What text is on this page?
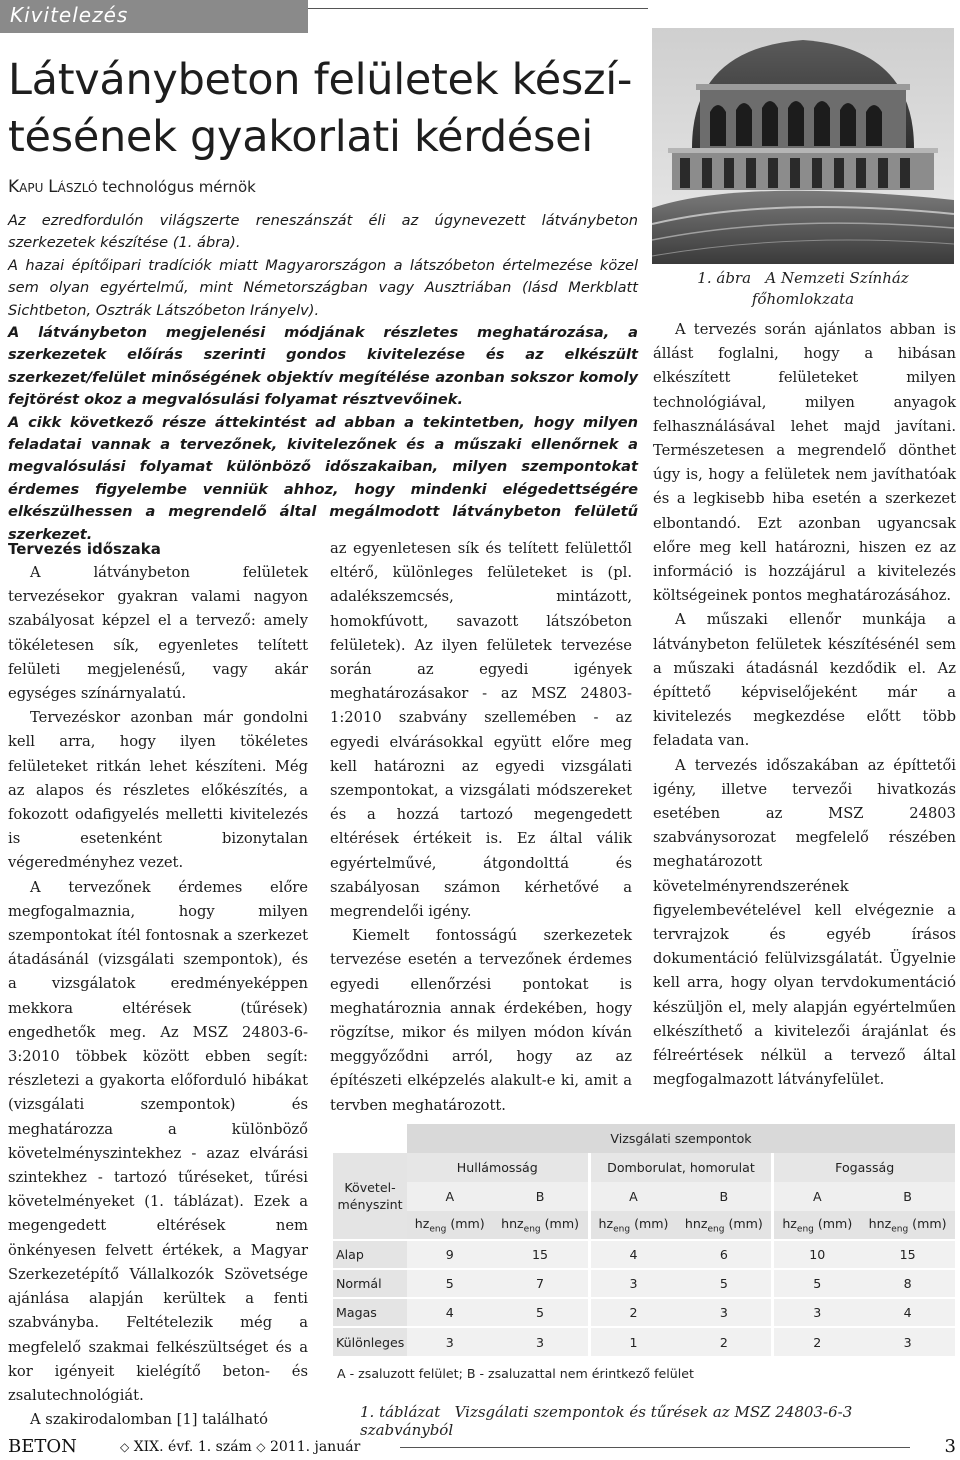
Kivitelezés
Látványbeton felületek készí-tésének gyakorlati kérdései
Kapu László technológus mérnök

Az ezredfordulón világszerte reneszánszát éli az úgynevezett látványbeton szerkezetek készítése (1. ábra).

A hazai építőipari tradíciók miatt Magyarországon a látszóbeton értelmezése közel sem olyan egyértelmű, mint Németországban vagy Ausztriában (lásd Merkblatt Sichtbeton, Osztrák Látszóbeton Irányelv).

A látványbeton megjelenési módjának részletes meghatározása, a szerkezetek előírás szerinti gondos kivitelezése és az elkészült szerkezet/felület minőségének objektív megítélése azonban sokszor komoly fejtörést okoz a megvalósulási folyamat résztvevőinek.

A cikk következő része áttekintést ad abban a tekintetben, hogy milyen feladatai vannak a tervezőnek, kivitelezőnek és a műszaki ellenőrnek a megvalósulási folyamat különböző időszakaiban, milyen szempontokat érdemes figyelembe venniük ahhoz, hogy mindenki elégedettségére elkészülhessen a megrendelő által megálmodott látványbeton felületű szerkezet.

1. ábra A Nemzeti Színház főhomlokzata
Tervezés időszaka

A látványbeton felületek tervezésekor gyakran valami nagyon szabályosat képzel el a tervező: amely tökéletesen sík, egyenletes telített felületi megjelenésű, vagy akár egységes színárnyalatú.

Tervezéskor azonban már gondolni kell arra, hogy ilyen tökéletes felületeket ritkán lehet készíteni. Még az alapos és részletes előkészítés, a fokozott odafigyelés melletti kivitelezés is esetenként bizonytalan végeredményhez vezet.

A tervezőnek érdemes előre megfogalmaznia, hogy milyen szempontokat ítél fontosnak a szerkezet átadásánál (vizsgálati szempontok), és a vizsgálatok eredményeképpen mekkora eltérések (tűrések) engedhetők meg. Az MSZ 24803-6-3:2010 többek között ebben segít: részletezi a gyakorta előforduló hibákat (vizsgálati szempontok) és meghatározza a különböző követelményszintekhez - azaz elvárási szintekhez - tartozó tűréseket, tűrési követelményeket (1. táblázat). Ezek a megengedett eltérések nem önkényesen felvett értékek, a Magyar Szerkezetépítő Vállalkozók Szövetsége ajánlása alapján kerültek a fenti szabványba. Feltételezik még a megfelelő szakmai felkészültséget és a kor igényeit kielégítő beton- és zsalutechnológiát.

A szakirodalomban [1] található

az egyenletesen sík és telített felülettől eltérő, különleges felületeket is (pl. adalékszemcsés, mintázott, homokfúvott, savazott látszóbeton felületek). Az ilyen felületek tervezése során az egyedi igények meghatározásakor - az MSZ 24803-1:2010 szabvány szellemében - az egyedi elvárásokkal együtt előre meg kell határozni az egyedi vizsgálati szempontokat, a vizsgálati módszereket és a hozzá tartozó megengedett eltérések értékeit is. Ez által válik egyértelművé, átgondolttá és szabályosan számon kérhetővé a megrendelői igény.

Kiemelt fontosságú szerkezetek tervezése esetén a tervezőnek érdemes egyedi ellenőrzési pontokat is meghatároznia annak érdekében, hogy rögzítse, mikor és milyen módon kíván meggyőződni arról, hogy az az építészeti elképzelés alakult-e ki, amit a tervben meghatározott.

A tervezés során ajánlatos abban is állást foglalni, hogy a hibásan elkészített felületeket milyen technológiával, milyen anyagok felhasználásával lehet majd javítani. Természetesen a megrendelő dönthet úgy is, hogy a felületek nem javíthatóak és a legkisebb hiba esetén a szerkezet elbontandó. Ezt azonban ugyancsak előre meg kell határozni, hiszen ez az információ is hozzájárul a kivitelezés költségeinek pontos meghatározásához.

A műszaki ellenőr munkája a látványbeton felületek készítésénél sem a műszaki átadásnál kezdődik el. Az építtető képviselőjeként már a kivitelezés megkezdése előtt több feladata van.

A tervezés időszakában az építtetői igény, illetve tervezői hivatkozás esetében az MSZ 24803 szabványsorozat megfelelő részében meghatározott követelményrendszerének figyelembevételével kell elvégeznie a tervrajzok és egyéb írásos dokumentáció felülvizsgálatát. Ügyelnie kell arra, hogy olyan tervdokumentáció készüljön el, mely alapján egyértelműen elkészíthető a kivitelezői árajánlat és félreértések nélkül a tervező által megfogalmazott látványfelület.

	Vizsgálati szempontok					
Követel-ményszint	Hullámosság		Domborulat, homorulat		Fogasság	
	A	B	A	B	A	B
	$hz_{eng}$ (mm)	hnz$_{eng}$ (mm)	$hz_{eng}$ (mm)	hnz$_{eng}$ (mm)	$hz_{eng}$ (mm)	hnz$_{eng}$ (mm)
Alap	9	15	4	6	10	15
Normál	5	7	3	5	5	8
Magas	4	5	2	3	3	4
Különleges	3	3	1	2	2	3
A - zsaluzott felület; B - zsaluzattal nem érintkező felület
1. táblázat Vizsgálati szempontok és tűrések az MSZ 24803-6-3 szabványból
BETON	◇ XIX. évf. 1. szám ◇ 2011. január	3
